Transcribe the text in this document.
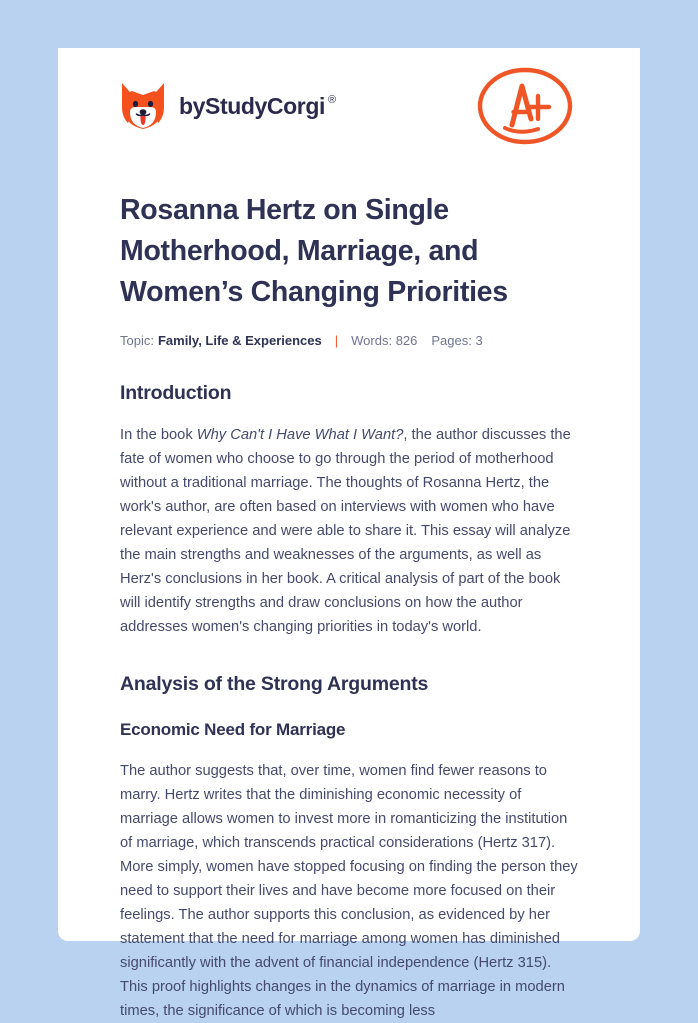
by StudyCorgi ®
Rosanna Hertz on Single Motherhood, Marriage, and Women’s Changing Priorities
Topic: Family, Life & Experiences | Words: 826 Pages: 3
Introduction

In the book Why Can't I Have What I Want?, the author discusses the fate of women who choose to go through the period of motherhood without a traditional marriage. The thoughts of Rosanna Hertz, the work's author, are often based on interviews with women who have relevant experience and were able to share it. This essay will analyze the main strengths and weaknesses of the arguments, as well as Herz's conclusions in her book. A critical analysis of part of the book will identify strengths and draw conclusions on how the author addresses women's changing priorities in today's world.

Analysis of the Strong Arguments
Economic Need for Marriage

The author suggests that, over time, women find fewer reasons to marry. Hertz writes that the diminishing economic necessity of marriage allows women to invest more in romanticizing the institution of marriage, which transcends practical considerations (Hertz 317). More simply, women have stopped focusing on finding the person they need to support their lives and have become more focused on their feelings. The author supports this conclusion, as evidenced by her statement that the need for marriage among women has diminished significantly with the advent of financial independence (Hertz 315). This proof highlights changes in the dynamics of marriage in modern times, the significance of which is becoming less
